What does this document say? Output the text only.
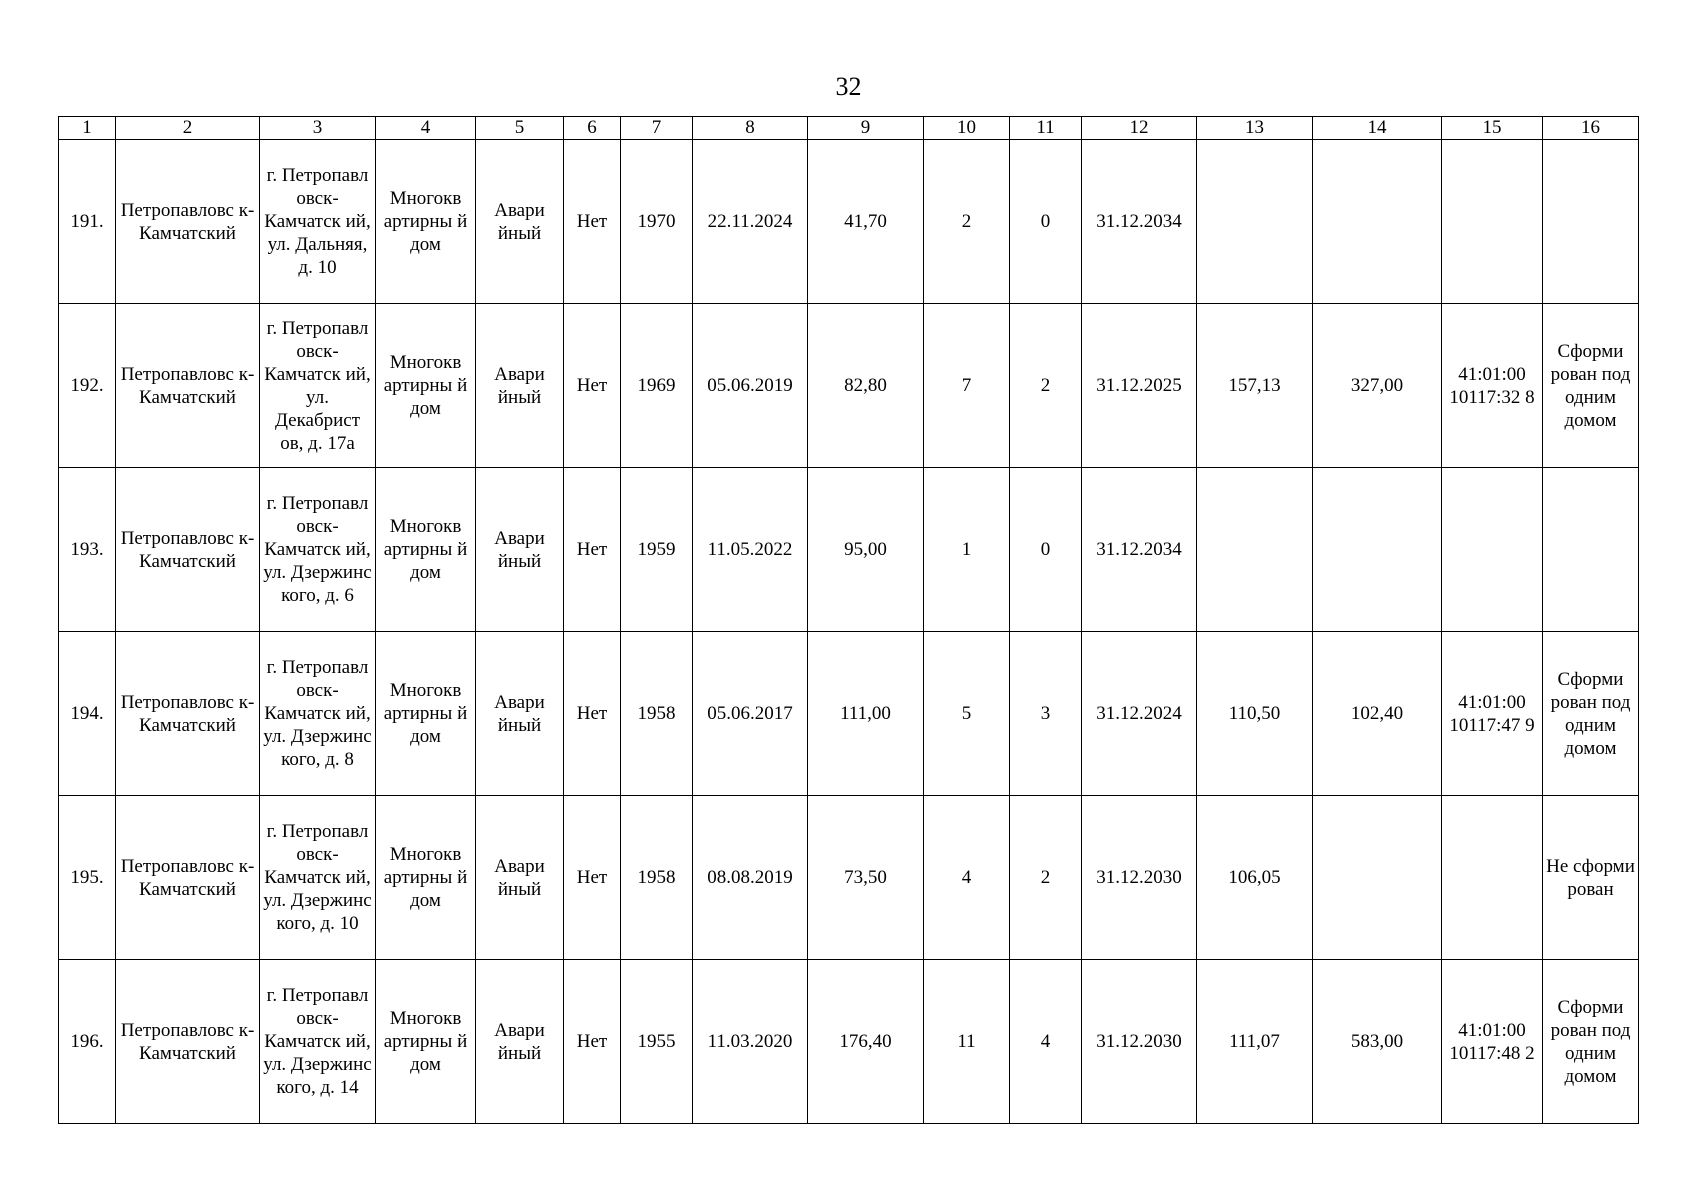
32
1	2	3	4	5	6	7	8	9	10	11	12	13	14	15	16
191.	Петропавловс к-Камчатский	г. Петропавл овск-Камчатск ий, ул. Дальняя, д. 10	Многокв артирны й дом	Авари йный	Нет	1970	22.11.2024	41,70	2	0	31.12.2034				
192.	Петропавловс к-Камчатский	г. Петропавл овск-Камчатск ий, ул. Декабрист ов, д. 17а	Многокв артирны й дом	Авари йный	Нет	1969	05.06.2019	82,80	7	2	31.12.2025	157,13	327,00	41:01:00 10117:32 8	Сформи рован под одним домом
193.	Петропавловс к-Камчатский	г. Петропавл овск-Камчатск ий, ул. Дзержинс кого, д. 6	Многокв артирны й дом	Авари йный	Нет	1959	11.05.2022	95,00	1	0	31.12.2034				
194.	Петропавловс к-Камчатский	г. Петропавл овск-Камчатск ий, ул. Дзержинс кого, д. 8	Многокв артирны й дом	Авари йный	Нет	1958	05.06.2017	111,00	5	3	31.12.2024	110,50	102,40	41:01:00 10117:47 9	Сформи рован под одним домом
195.	Петропавловс к-Камчатский	г. Петропавл овск-Камчатск ий, ул. Дзержинс кого, д. 10	Многокв артирны й дом	Авари йный	Нет	1958	08.08.2019	73,50	4	2	31.12.2030	106,05			Не сформи рован
196.	Петропавловс к-Камчатский	г. Петропавл овск-Камчатск ий, ул. Дзержинс кого, д. 14	Многокв артирны й дом	Авари йный	Нет	1955	11.03.2020	176,40	11	4	31.12.2030	111,07	583,00	41:01:00 10117:48 2	Сформи рован под одним домом
